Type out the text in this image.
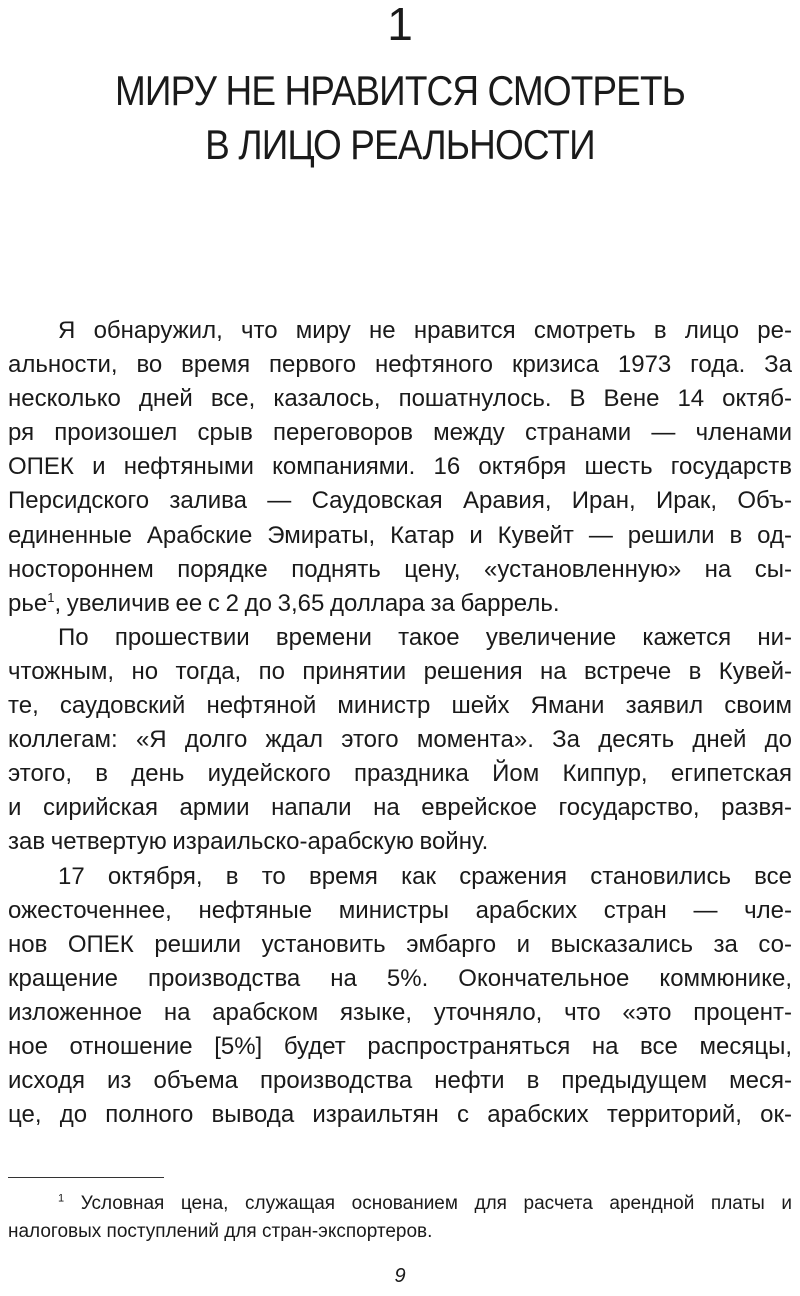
1
МИРУ НЕ НРАВИТСЯ СМОТРЕТЬ
В ЛИЦО РЕАЛЬНОСТИ
Я обнаружил, что миру не нравится смотреть в лицо ре-
альности, во время первого нефтяного кризиса 1973 года. За
несколько дней все, казалось, пошатнулось. В Вене 14 октяб-
ря произошел срыв переговоров между странами — членами
ОПЕК и нефтяными компаниями. 16 октября шесть государств
Персидского залива — Саудовская Аравия, Иран, Ирак, Объ-
единенные Арабские Эмираты, Катар и Кувейт — решили в од-
ностороннем порядке поднять цену, «установленную» на сы-
рье$^1$, увеличив ее с 2 до 3,65 доллара за баррель.
По прошествии времени такое увеличение кажется ни-
чтожным, но тогда, по принятии решения на встрече в Кувей-
те, саудовский нефтяной министр шейх Ямани заявил своим
коллегам: «Я долго ждал этого момента». За десять дней до
этого, в день иудейского праздника Йом Киппур, египетская
и сирийская армии напали на еврейское государство, развя-
зав четвертую израильско-арабскую войну.
17 октября, в то время как сражения становились все
ожесточеннее, нефтяные министры арабских стран — чле-
нов ОПЕК решили установить эмбарго и высказались за со-
кращение производства на 5%. Окончательное коммюнике,
изложенное на арабском языке, уточняло, что «это процент-
ное отношение [5%] будет распространяться на все месяцы,
исходя из объема производства нефти в предыдущем меся-
це, до полного вывода израильтян с арабских территорий, ок-
$^1$ Условная цена, служащая основанием для расчета арендной платы и
налоговых поступлений для стран-экспортеров.
9
